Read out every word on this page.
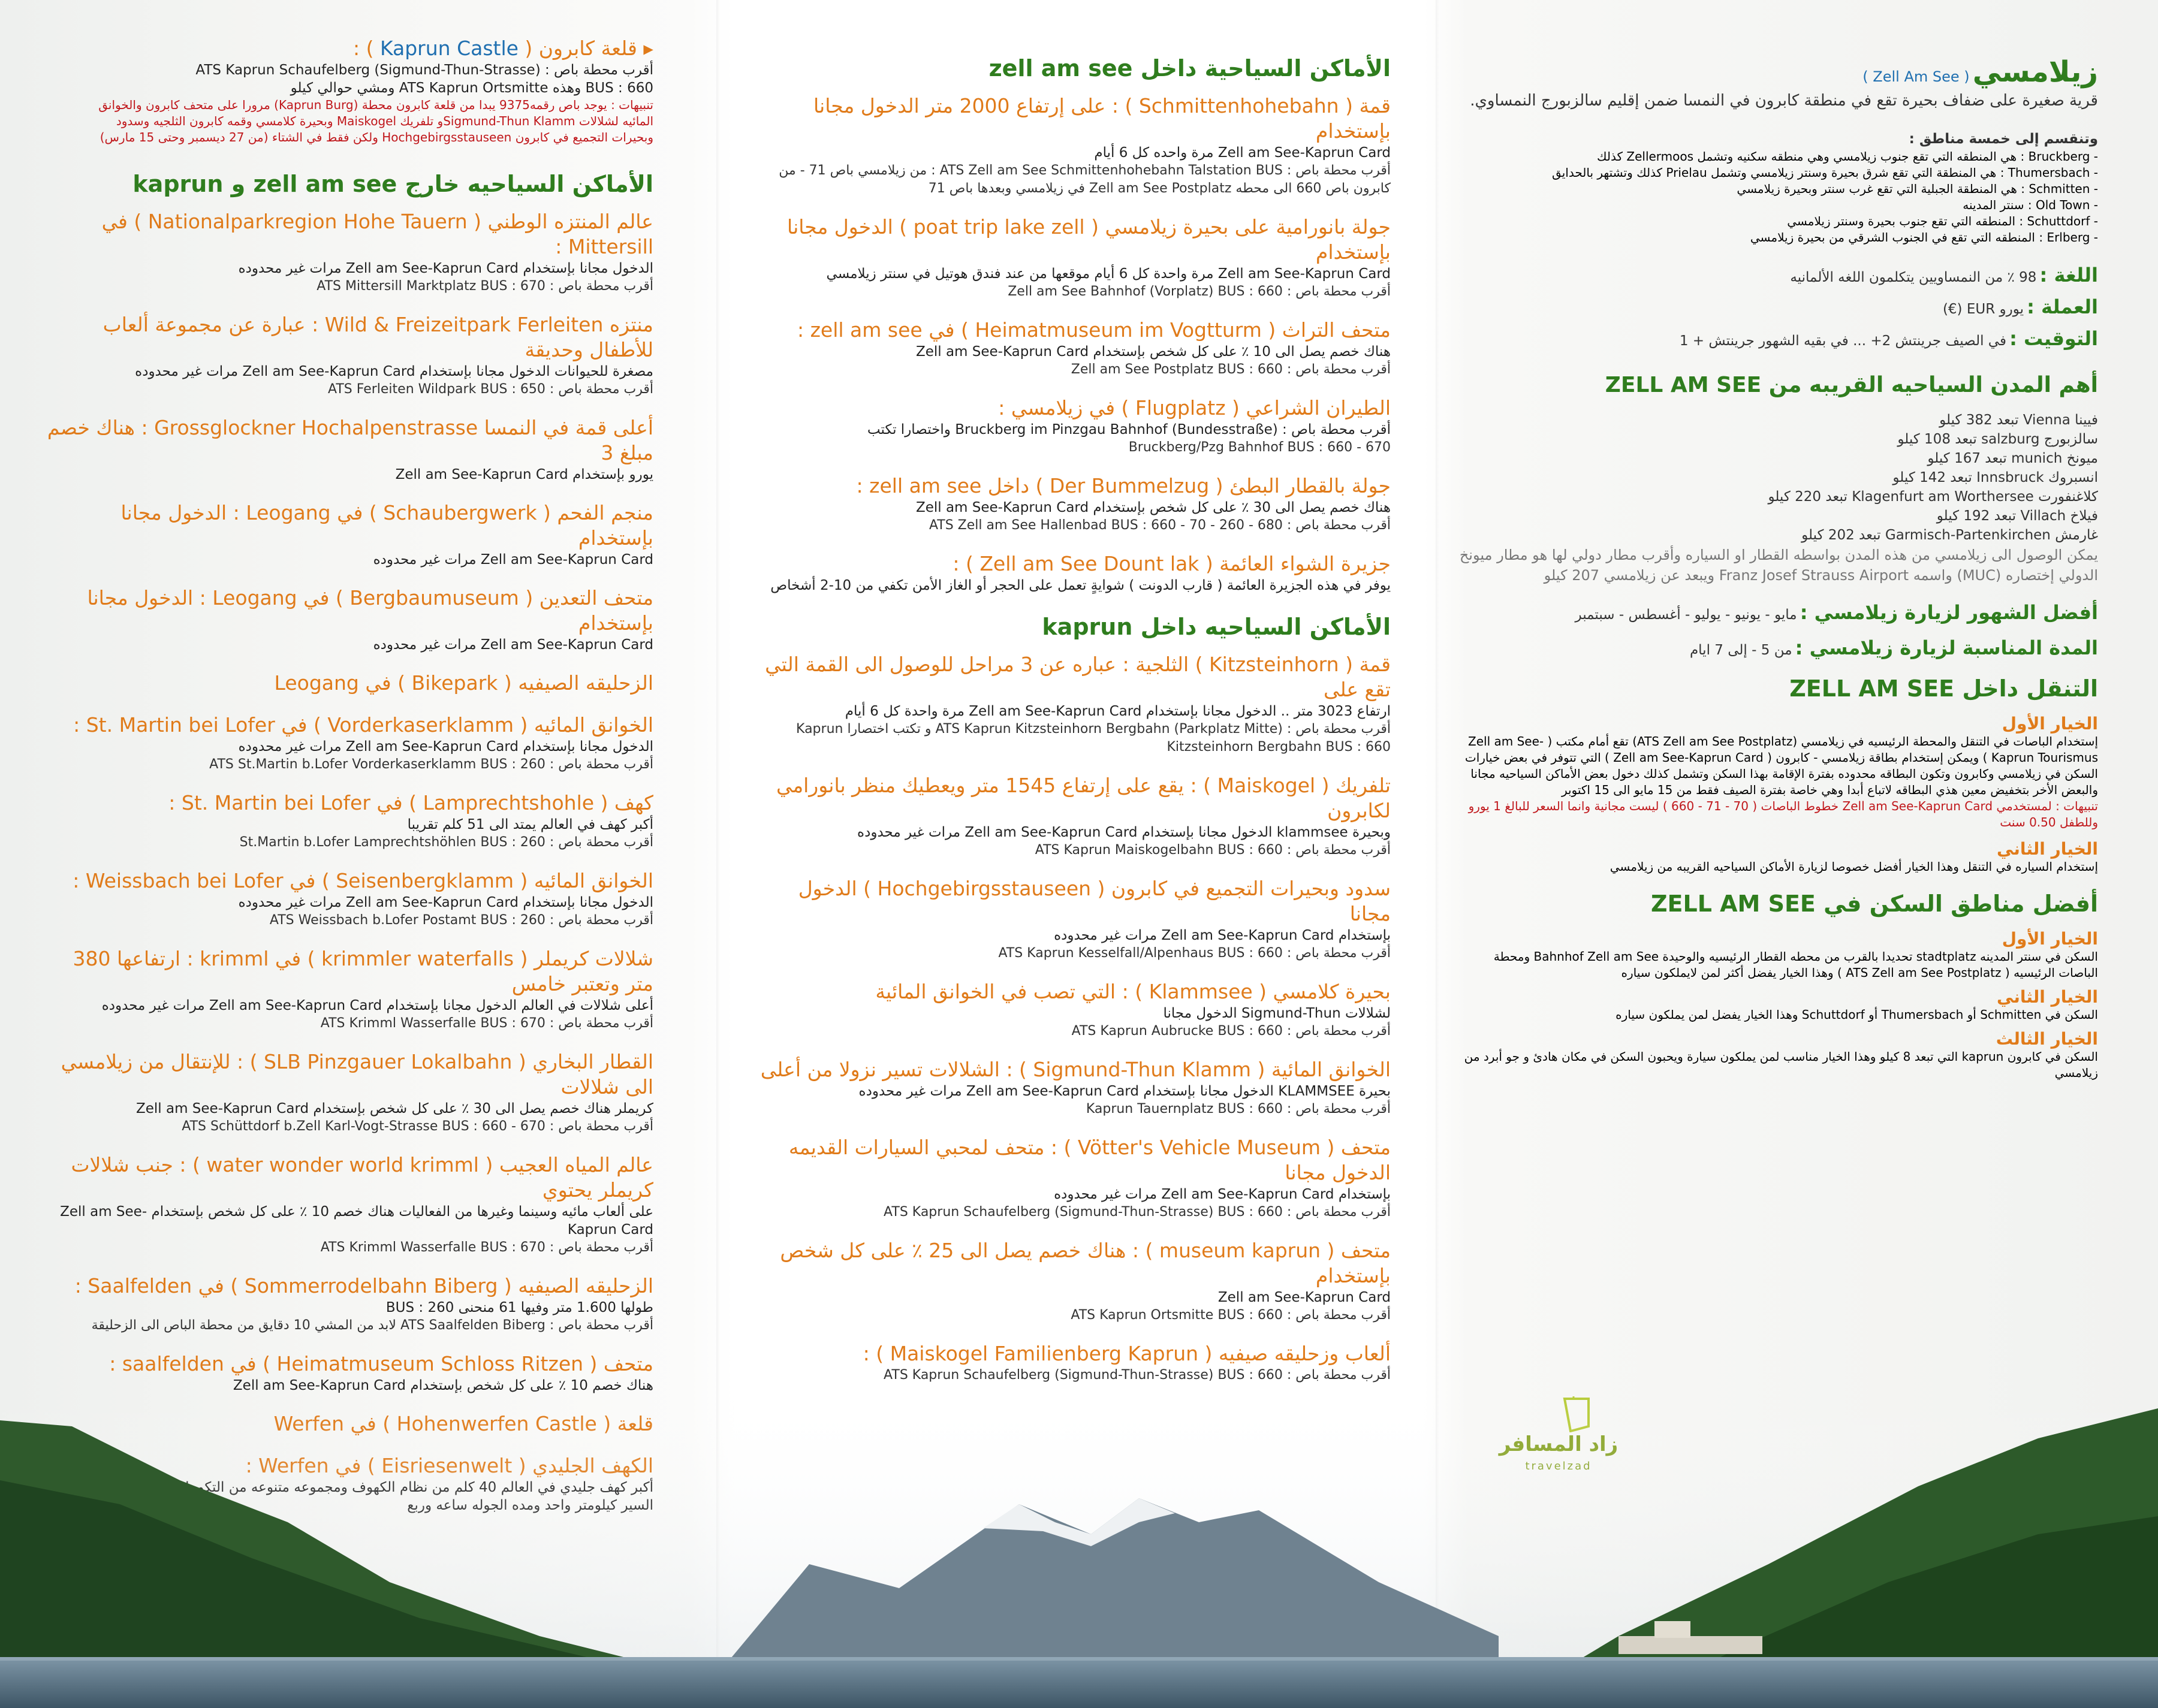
▸ قلعة كابرون ( Kaprun Castle ) :
أقرب محطة باص : ATS Kaprun Schaufelberg (Sigmund-Thun-Strasse)
BUS : 660 وهذه ATS Kaprun Ortsmitte ومشي حوالي كيلو
تنبيهات : يوجد باص رقمه9375 يبدا من قلعة كابرون محطة (Kaprun Burg) مرورا على متحف كابرون والخوانق
المائيه لشلالات Sigmund-Thun Klammو تلفريك Maiskogel وبحيرة كلامسي وقمه كابرون الثلجيه وسدود
وبحيرات التجميع في كابرون Hochgebirgsstauseen ولكن فقط في الشتاء (من 27 ديسمبر وحتى 15 مارس)
الأماكن السياحيه خارج zell am see و kaprun
عالم المنتزه الوطني ( Nationalparkregion Hohe Tauern ) في Mittersill :
الدخول مجانا بإستخدام Zell am See-Kaprun Card مرات غير محدوده
أقرب محطة باص : ATS Mittersill Marktplatz BUS : 670
منتزه Wild & Freizeitpark Ferleiten : عبارة عن مجموعة ألعاب للأطفال وحديقة
مصغرة للحيوانات الدخول مجانا بإستخدام Zell am See-Kaprun Card مرات غير محدوده
أقرب محطة باص : ATS Ferleiten Wildpark BUS : 650
أعلى قمة في النمسا Grossglockner Hochalpenstrasse : هناك خصم مبلغ 3
يورو بإستخدام Zell am See-Kaprun Card
منجم الفحم ( Schaubergwerk ) في Leogang : الدخول مجانا بإستخدام
Zell am See-Kaprun Card مرات غير محدوده
متحف التعدين ( Bergbaumuseum ) في Leogang : الدخول مجانا بإستخدام
Zell am See-Kaprun Card مرات غير محدوده
الزحليقه الصيفيه ( Bikepark ) في Leogang
الخوانق المائيه ( Vorderkaserklamm ) في St. Martin bei Lofer :
الدخول مجانا بإستخدام Zell am See-Kaprun Card مرات غير محدوده
أقرب محطة باص : ATS St.Martin b.Lofer Vorderkaserklamm BUS : 260
كهف ( Lamprechtshohle ) في St. Martin bei Lofer :
أكبر كهف في العالم يمتد الى 51 كلم تقريبا
أقرب محطة باص : St.Martin b.Lofer Lamprechtshöhlen BUS : 260
الخوانق المائيه ( Seisenbergklamm ) في Weissbach bei Lofer :
الدخول مجانا بإستخدام Zell am See-Kaprun Card مرات غير محدوده
أقرب محطة باص : ATS Weissbach b.Lofer Postamt BUS : 260
شلالات كريملر ( krimmler waterfalls ) في krimml : ارتفاعها 380 متر وتعتبر خامس
أعلى شلالات في العالم الدخول مجانا بإستخدام Zell am See-Kaprun Card مرات غير محدوده
أقرب محطة باص : ATS Krimml Wasserfalle BUS : 670
القطار البخاري ( SLB Pinzgauer Lokalbahn ) : للإنتقال من زيلامسي الى شلالات
كريملر هناك خصم يصل الى 30 ٪ على كل شخص بإستخدام Zell am See-Kaprun Card
أقرب محطة باص : ATS Schüttdorf b.Zell Karl-Vogt-Strasse BUS : 660 - 670
عالم المياه العجيب ( water wonder world krimml ) : جنب شلالات كريملر يحتوي
على ألعاب مائيه وسينما وغيرها من الفعاليات هناك خصم 10 ٪ على كل شخص بإستخدام Zell am See-Kaprun Card
أقرب محطة باص : ATS Krimml Wasserfalle BUS : 670
الزحليقه الصيفيه ( Sommerrodelbahn Biberg ) في Saalfelden :
طولها 1.600 متر وفيها 61 منحنى BUS : 260
أقرب محطة باص : ATS Saalfelden Biberg لابد من المشي 10 دقايق من محطة الباص الى الزحليقة
متحف ( Heimatmuseum Schloss Ritzen ) في saalfelden :
الأماكن السياحية داخل zell am see
قمة ( Schmittenhohebahn ) : على إرتفاع 2000 متر الدخول مجانا بإستخدام
Zell am See-Kaprun Card مرة واحده كل 6 أيام
أقرب محطة باص : ATS Zell am See Schmittenhohebahn Talstation BUS : من زيلامسي باص 71 - من كابرون باص 660 الى محطه Zell am See Postplatz في زيلامسي وبعدها باص 71
جولة بانورامية على بحيرة زيلامسي ( poat trip lake zell ) الدخول مجانا بإستخدام
Zell am See-Kaprun Card مرة واحدة كل 6 أيام موقعها من عند فندق هوتيل في سنتر زيلامسي
أقرب محطة باص : Zell am See Bahnhof (Vorplatz) BUS : 660
متحف التراث ( Heimatmuseum im Vogtturm ) في zell am see :
هناك خصم يصل الى 10 ٪ على كل شخص بإستخدام Zell am See-Kaprun Card
أقرب محطة باص : Zell am See Postplatz BUS : 660
الطيران الشراعي ( Flugplatz ) في زيلامسي :
أقرب محطة باص : Bruckberg im Pinzgau Bahnhof (Bundesstraße) واختصارا تكتب
Bruckberg/Pzg Bahnhof BUS : 660 - 670
جولة بالقطار البطئ ( Der Bummelzug ) داخل zell am see :
هناك خصم يصل الى 30 ٪ على كل شخص بإستخدام Zell am See-Kaprun Card
أقرب محطة باص : ATS Zell am See Hallenbad BUS : 660 - 70 - 260 - 680
جزيرة الشواء العائمة ( Zell am See Dount lak ) :
يوفر في هذه الجزيرة العائمة ( قارب الدونت ) شوايةٍ تعمل على الحجر أو الغاز الأمن تكفي من 10-2 أشخاص
الأماكن السياحيه داخل kaprun
قمة ( Kitzsteinhorn ) الثلجية : عباره عن 3 مراحل للوصول الى القمة التي تقع على
ارتفاع 3023 متر .. الدخول مجانا بإستخدام Zell am See-Kaprun Card مرة واحدة كل 6 أيام
أقرب محطة باص : ATS Kaprun Kitzsteinhorn Bergbahn (Parkplatz Mitte) و تكتب اختصارا Kaprun Kitzsteinhorn Bergbahn BUS : 660
تلفريك ( Maiskogel ) : يقع على إرتفاع 1545 متر ويعطيك منظر بانورامي لكابرون
وبحيرة klammsee الدخول مجانا بإستخدام Zell am See-Kaprun Card مرات غير محدوده
أقرب محطة باص : ATS Kaprun Maiskogelbahn BUS : 660
سدود وبحيرات التجميع في كابرون ( Hochgebirgsstauseen ) الدخول مجانا
بإستخدام Zell am See-Kaprun Card مرات غير محدوده
أقرب محطة باص : ATS Kaprun Kesselfall/Alpenhaus BUS : 660
بحيرة كلامسي ( Klammsee ) : التي تصب في الخوانق المائية
لشلالات Sigmund-Thun الدخول مجانا
أقرب محطة باص : ATS Kaprun Aubrucke BUS : 660
الخوانق المائية ( Sigmund-Thun Klamm ) : الشلالات تسير نزولا من أعلى
بحيرة KLAMMSEE الدخول مجانا بإستخدام Zell am See-Kaprun Card مرات غير محدوده
أقرب محطة باص : Kaprun Tauernplatz BUS : 660
متحف ( Vötter's Vehicle Museum ) : متحف لمحبي السيارات القديمه الدخول مجانا
بإستخدام Zell am See-Kaprun Card مرات غير محدوده
أقرب محطة باص : ATS Kaprun Schaufelberg (Sigmund-Thun-Strasse) BUS : 660
متحف ( museum kaprun ) : هناك خصم يصل الى 25 ٪ على كل شخص بإستخدام
Zell am See-Kaprun Card
أقرب محطة باص : ATS Kaprun Ortsmitte BUS : 660
ألعاب وزحليقه صيفيه ( Maiskogel Familienberg Kaprun ) :
أقرب محطة باص : ATS Kaprun Schaufelberg (Sigmund-Thun-Strasse) BUS : 660
زيلامسي ( Zell Am See )
قرية صغيرة على ضفاف بحيرة تقع في منطقة كابرون في النمسا ضمن إقليم سالزبورج النمساوي.
وتنقسم إلى خمسة مناطق :
- Bruckberg : هي المنطقه التي تقع جنوب زيلامسي وهي منطقه سكنيه وتشمل Zellermoos كذلك
- Thumersbach : هي المنطقة التي تقع شرق بحيرة وسنتر زيلامسي وتشمل Prielau كذلك وتشتهر بالحدايق
- Schmitten : هي المنطقة الجبلية التي تقع غرب سنتر وبحيرة زيلامسي
- Old Town : سنتر المدينه
- Schuttdorf : المنطقه التي تقع جنوب بحيرة وسنتر زيلامسي
- Erlberg : المنطقه التي تقع في الجنوب الشرقي من بحيرة زيلامسي
اللغة : 98 ٪ من النمساويين يتكلمون اللغه الألمانيه
العملة : يورو EUR (€)
التوقيت : في الصيف جرينتش 2+ ... في بقيه الشهور جرينتش + 1
أهم المدن السياحيه القريبه من ZELL AM SEE
فيينا Vienna تبعد 382 كيلو
سالزبورج salzburg تبعد 108 كيلو
ميونخ munich تبعد 167 كيلو
انسبروك Innsbruck تبعد 142 كيلو
كلاغنفورت Klagenfurt am Worthersee تبعد 220 كيلو
فيلاخ Villach تبعد 192 كيلو
غارمش Garmisch-Partenkirchen تبعد 202 كيلو
يمكن الوصول الى زيلامسي من هذه المدن بواسطه القطار او السياره وأقرب مطار دولي لها هو مطار ميونخ الدولي إختصاره (MUC) واسمه Franz Josef Strauss Airport ويبعد عن زيلامسي 207 كيلو
أفضل الشهور لزيارة زيلامسي : مايو - يونيو - يوليو - أغسطس - سبتمبر
المدة المناسبة لزيارة زيلامسي : من 5 - إلى 7 ايام
التنقل داخل ZELL AM SEE
الخيار الأول
إستخدام الباصات في التنقل والمحطة الرئيسيه في زيلامسي (ATS Zell am See Postplatz) تقع أمام مكتب ( Zell am See-Kaprun Tourismus ) ويمكن إستخدام بطاقة زيلامسي - كابرون ( Zell am See-Kaprun Card ) التي تتوفر في بعض خيارات السكن في زيلامسي وكابرون وتكون البطاقه محدوده بفترة الإقامة بهذا السكن وتشمل كذلك دخول بعض الأماكن السياحيه مجانا والبعض الأخر بتخفيض معين هذي البطاقه لاتباع أبدا وهي خاصة بفترة الصيف فقط من 15 مايو الى 15 اكتوبر
تنبيهات : لمستخدمي Zell am See-Kaprun Card خطوط الباصات ( 70 - 71 - 660 ) ليست مجانية وانما السعر للبالغ 1 يورو وللطفل 0.50 سنت
الخيار الثاني
إستخدام السياره في التنقل وهذا الخيار أفضل خصوصا لزيارة الأماكن السياحيه القريبه من زيلامسي
أفضل مناطق السكن في ZELL AM SEE
الخيار الأول
السكن في سنتر المدينه stadtplatz تحديدا بالقرب من محطه القطار الرئيسيه والوحيدة Bahnhof Zell am See ومحطة الباصات الرئيسيه ( ATS Zell am See Postplatz ) وهذا الخيار يفضل أكثر لمن لايملكون سياره
الخيار الثاني
السكن في Schmitten أو Thumersbach أو Schuttdorf وهذا الخيار يفضل لمن يملكون سياره
الخيار الثالث
السكن في كابرون kaprun التي تبعد 8 كيلو وهذا الخيار مناسب لمن يملكون سيارة ويحبون السكن في مكان هادئ و جو أبرد من زيلامسي
